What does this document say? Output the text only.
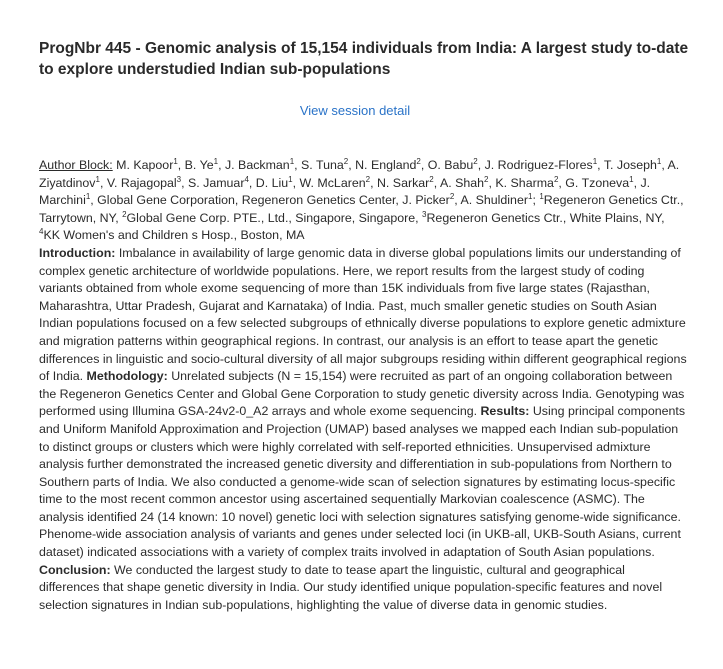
ProgNbr 445 - Genomic analysis of 15,154 individuals from India: A largest study to-date to explore understudied Indian sub-populations
View session detail

Author Block: M. Kapoor$^1$, B. Ye$^1$, J. Backman$^1$, S. Tuna$^2$, N. England$^2$, O. Babu$^2$, J. Rodriguez-Flores$^1$, T. Joseph$^1$, A. Ziyatdinov$^1$, V. Rajagopal$^3$, S. Jamuar$^4$, D. Liu$^1$, W. McLaren$^2$, N. Sarkar$^2$, A. Shah$^2$, K. Sharma$^2$, G. Tzoneva$^1$, J. Marchini$^1$, Global Gene Corporation, Regeneron Genetics Center, J. Picker$^2$, A. Shuldiner$^1$; $^1$Regeneron Genetics Ctr., Tarrytown, NY, $^2$Global Gene Corp. PTE., Ltd., Singapore, Singapore, $^3$Regeneron Genetics Ctr., White Plains, NY, $^4$KK Women's and Children s Hosp., Boston, MA
Introduction: Imbalance in availability of large genomic data in diverse global populations limits our understanding of complex genetic architecture of worldwide populations. Here, we report results from the largest study of coding variants obtained from whole exome sequencing of more than 15K individuals from five large states (Rajasthan, Maharashtra, Uttar Pradesh, Gujarat and Karnataka) of India. Past, much smaller genetic studies on South Asian Indian populations focused on a few selected subgroups of ethnically diverse populations to explore genetic admixture and migration patterns within geographical regions. In contrast, our analysis is an effort to tease apart the genetic differences in linguistic and socio-cultural diversity of all major subgroups residing within different geographical regions of India. Methodology: Unrelated subjects (N = 15,154) were recruited as part of an ongoing collaboration between the Regeneron Genetics Center and Global Gene Corporation to study genetic diversity across India. Genotyping was performed using Illumina GSA-24v2-0_A2 arrays and whole exome sequencing. Results: Using principal components and Uniform Manifold Approximation and Projection (UMAP) based analyses we mapped each Indian sub-population to distinct groups or clusters which were highly correlated with self-reported ethnicities. Unsupervised admixture analysis further demonstrated the increased genetic diversity and differentiation in sub-populations from Northern to Southern parts of India. We also conducted a genome-wide scan of selection signatures by estimating locus-specific time to the most recent common ancestor using ascertained sequentially Markovian coalescence (ASMC). The analysis identified 24 (14 known: 10 novel) genetic loci with selection signatures satisfying genome-wide significance. Phenome-wide association analysis of variants and genes under selected loci (in UKB-all, UKB-South Asians, current dataset) indicated associations with a variety of complex traits involved in adaptation of South Asian populations.
Conclusion: We conducted the largest study to date to tease apart the linguistic, cultural and geographical differences that shape genetic diversity in India. Our study identified unique population-specific features and novel selection signatures in Indian sub-populations, highlighting the value of diverse data in genomic studies.
